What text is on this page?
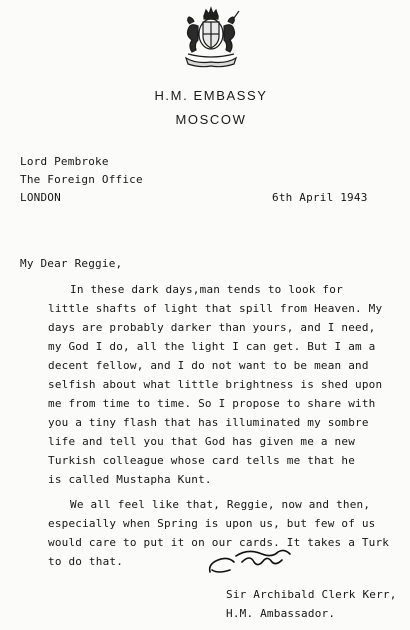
H.M. EMBASSY
MOSCOW
Lord Pembroke
The Foreign Office
LONDON	6th April 1943
My Dear Reggie,
In these dark days,man tends to look for
little shafts of light that spill from Heaven. My
days are probably darker than yours, and I need,
my God I do, all the light I can get. But I am a
decent fellow, and I do not want to be mean and
selfish about what little brightness is shed upon
me from time to time. So I propose to share with
you a tiny flash that has illuminated my sombre
life and tell you that God has given me a new
Turkish colleague whose card tells me that he
is called Mustapha Kunt.
We all feel like that, Reggie, now and then,
especially when Spring is upon us, but few of us
would care to put it on our cards. It takes a Turk
to do that.
Sir Archibald Clerk Kerr,
H.M. Ambassador.
